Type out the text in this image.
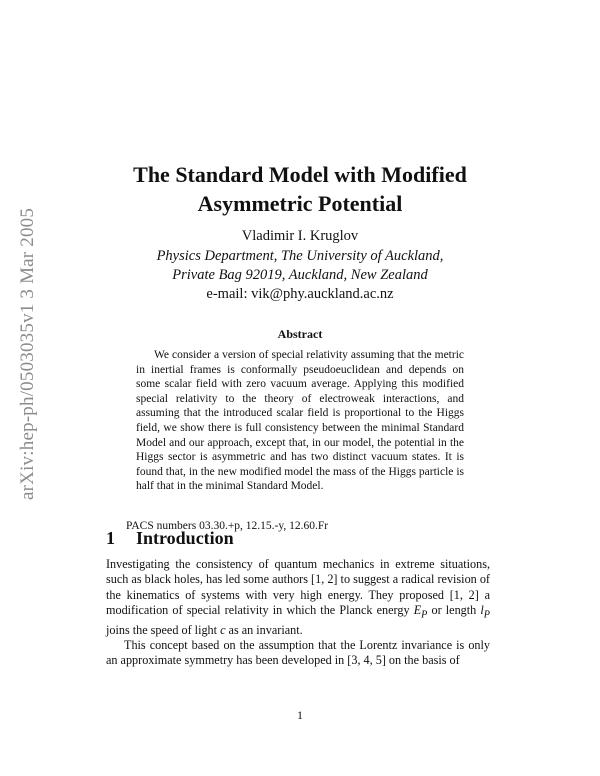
arXiv:hep-ph/0503035v1 3 Mar 2005
The Standard Model with Modified
Asymmetric Potential
Vladimir I. Kruglov
Physics Department, The University of Auckland,
Private Bag 92019, Auckland, New Zealand
e-mail: vik@phy.auckland.ac.nz
Abstract
We consider a version of special relativity assuming that the metric in inertial frames is conformally pseudoeuclidean and depends on some scalar field with zero vacuum average. Applying this modified special relativity to the theory of electroweak interactions, and assuming that the introduced scalar field is proportional to the Higgs field, we show there is full consistency between the minimal Standard Model and our approach, except that, in our model, the potential in the Higgs sector is asymmetric and has two distinct vacuum states. It is found that, in the new modified model the mass of the Higgs particle is half that in the minimal Standard Model.
PACS numbers 03.30.+p, 12.15.-y, 12.60.Fr
1 Introduction

Investigating the consistency of quantum mechanics in extreme situations, such as black holes, has led some authors [1, 2] to suggest a radical revision of the kinematics of systems with very high energy. They proposed [1, 2] a modification of special relativity in which the Planck energy $E_P$ or length $l_P$ joins the speed of light c as an invariant.

This concept based on the assumption that the Lorentz invariance is only an approximate symmetry has been developed in [3, 4, 5] on the basis of

1
